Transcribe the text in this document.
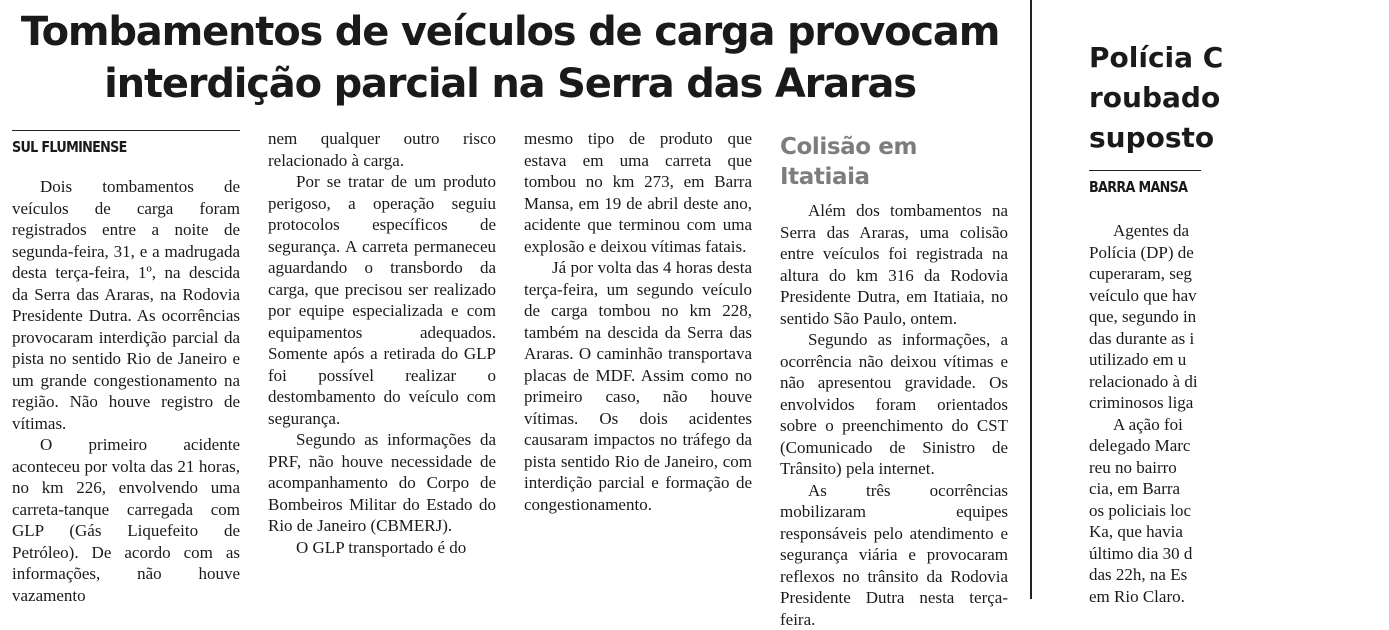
Tombamentos de veículos de carga provocam interdição parcial na Serra das Araras
SUL FLUMINENSE

Dois tombamentos de veículos de carga foram registrados entre a noite de segunda-feira, 31, e a madrugada desta terça-feira, 1º, na descida da Serra das Araras, na Rodovia Presidente Dutra. As ocorrências provocaram interdição parcial da pista no sentido Rio de Janeiro e um grande congestionamento na região. Não houve registro de vítimas.

O primeiro acidente aconteceu por volta das 21 horas, no km 226, envolvendo uma carreta-tanque carregada com GLP (Gás Liquefeito de Petróleo). De acordo com as informações, não houve vazamento

nem qualquer outro risco relacionado à carga.

Por se tratar de um produto perigoso, a operação seguiu protocolos específicos de segurança. A carreta permaneceu aguardando o transbordo da carga, que precisou ser realizado por equipe especializada e com equipamentos adequados. Somente após a retirada do GLP foi possível realizar o destombamento do veículo com segurança.

Segundo as informações da PRF, não houve necessidade de acompanhamento do Corpo de Bombeiros Militar do Estado do Rio de Janeiro (CBMERJ).

O GLP transportado é do

mesmo tipo de produto que estava em uma carreta que tombou no km 273, em Barra Mansa, em 19 de abril deste ano, acidente que terminou com uma explosão e deixou vítimas fatais.

Já por volta das 4 horas desta terça-feira, um segundo veículo de carga tombou no km 228, também na descida da Serra das Araras. O caminhão transportava placas de MDF. Assim como no primeiro caso, não houve vítimas. Os dois acidentes causaram impactos no tráfego da pista sentido Rio de Janeiro, com interdição parcial e formação de congestionamento.

Colisão em Itatiaia

Além dos tombamentos na Serra das Araras, uma colisão entre veículos foi registrada na altura do km 316 da Rodovia Presidente Dutra, em Itatiaia, no sentido São Paulo, ontem.

Segundo as informações, a ocorrência não deixou vítimas e não apresentou gravidade. Os envolvidos foram orientados sobre o preenchimento do CST (Comunicado de Sinistro de Trânsito) pela internet.

As três ocorrências mobilizaram equipes responsáveis pelo atendimento e segurança viária e provocaram reflexos no trânsito da Rodovia Presidente Dutra nesta terça-feira.

Polícia C
roubado
suposto
BARRA MANSA
Agentes da
Polícia (DP) de
cuperaram, seg
veículo que hav
que, segundo in
das durante as i
utilizado em u
relacionado à di
criminosos liga
A ação foi
delegado Marc
reu no bairro
cia, em Barra
os policiais loc
Ka, que havia
último dia 30 d
das 22h, na Es
em Rio Claro.
